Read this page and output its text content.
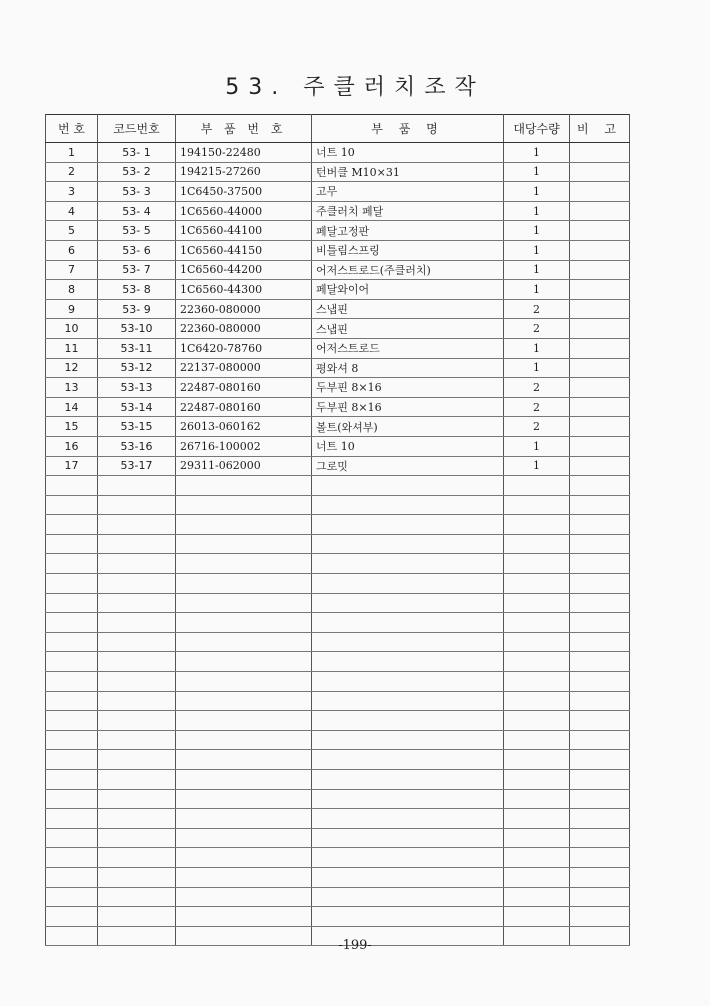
53. 주클러치조작
번 호	코드번호	부 품 번 호	부 품 명	대당수량	비 고
1	53- 1	194150-22480	너트 10	1	
2	53- 2	194215-27260	턴버클 M10×31	1	
3	53- 3	1C6450-37500	고무	1	
4	53- 4	1C6560-44000	주클러치 페달	1	
5	53- 5	1C6560-44100	페달고정판	1	
6	53- 6	1C6560-44150	비틀림스프링	1	
7	53- 7	1C6560-44200	어저스트로드(주클러치)	1	
8	53- 8	1C6560-44300	페달와이어	1	
9	53- 9	22360-080000	스냅핀	2	
10	53-10	22360-080000	스냅핀	2	
11	53-11	1C6420-78760	어저스트로드	1	
12	53-12	22137-080000	평와셔 8	1	
13	53-13	22487-080160	두부핀 8×16	2	
14	53-14	22487-080160	두부핀 8×16	2	
15	53-15	26013-060162	볼트(와셔부)	2	
16	53-16	26716-100002	너트 10	1	
17	53-17	29311-062000	그로밋	1	

-199-
